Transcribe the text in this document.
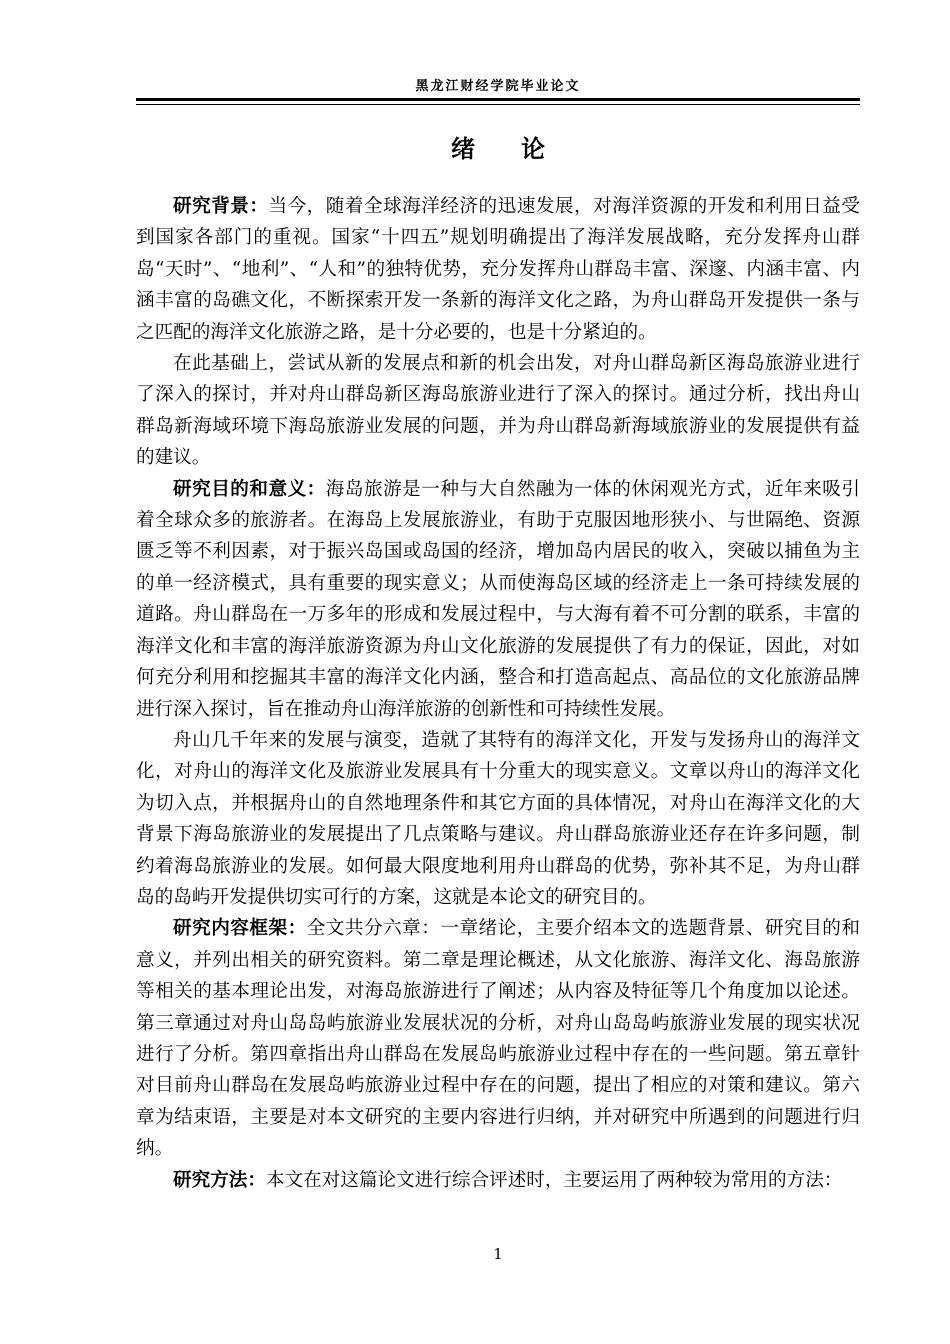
黑龙江财经学院毕业论文
绪 论

研究背景：当今，随着全球海洋经济的迅速发展，对海洋资源的开发和利用日益受到国家各部门的重视。国家“十四五”规划明确提出了海洋发展战略，充分发挥舟山群岛“天时”、“地利”、“人和”的独特优势，充分发挥舟山群岛丰富、深邃、内涵丰富、内涵丰富的岛礁文化，不断探索开发一条新的海洋文化之路，为舟山群岛开发提供一条与之匹配的海洋文化旅游之路，是十分必要的，也是十分紧迫的。

在此基础上，尝试从新的发展点和新的机会出发，对舟山群岛新区海岛旅游业进行了深入的探讨，并对舟山群岛新区海岛旅游业进行了深入的探讨。通过分析，找出舟山群岛新海域环境下海岛旅游业发展的问题，并为舟山群岛新海域旅游业的发展提供有益的建议。

研究目的和意义：海岛旅游是一种与大自然融为一体的休闲观光方式，近年来吸引着全球众多的旅游者。在海岛上发展旅游业，有助于克服因地形狭小、与世隔绝、资源匮乏等不利因素，对于振兴岛国或岛国的经济，增加岛内居民的收入，突破以捕鱼为主的单一经济模式，具有重要的现实意义；从而使海岛区域的经济走上一条可持续发展的道路。舟山群岛在一万多年的形成和发展过程中，与大海有着不可分割的联系，丰富的海洋文化和丰富的海洋旅游资源为舟山文化旅游的发展提供了有力的保证，因此，对如何充分利用和挖掘其丰富的海洋文化内涵，整合和打造高起点、高品位的文化旅游品牌进行深入探讨，旨在推动舟山海洋旅游的创新性和可持续性发展。

舟山几千年来的发展与演变，造就了其特有的海洋文化，开发与发扬舟山的海洋文化，对舟山的海洋文化及旅游业发展具有十分重大的现实意义。文章以舟山的海洋文化为切入点，并根据舟山的自然地理条件和其它方面的具体情况，对舟山在海洋文化的大背景下海岛旅游业的发展提出了几点策略与建议。舟山群岛旅游业还存在许多问题，制约着海岛旅游业的发展。如何最大限度地利用舟山群岛的优势，弥补其不足，为舟山群岛的岛屿开发提供切实可行的方案，这就是本论文的研究目的。

研究内容框架：全文共分六章：一章绪论，主要介绍本文的选题背景、研究目的和意义，并列出相关的研究资料。第二章是理论概述，从文化旅游、海洋文化、海岛旅游等相关的基本理论出发，对海岛旅游进行了阐述；从内容及特征等几个角度加以论述。第三章通过对舟山岛岛屿旅游业发展状况的分析，对舟山岛岛屿旅游业发展的现实状况进行了分析。第四章指出舟山群岛在发展岛屿旅游业过程中存在的一些问题。第五章针对目前舟山群岛在发展岛屿旅游业过程中存在的问题，提出了相应的对策和建议。第六章为结束语，主要是对本文研究的主要内容进行归纳，并对研究中所遇到的问题进行归纳。

研究方法：本文在对这篇论文进行综合评述时，主要运用了两种较为常用的方法：

1
